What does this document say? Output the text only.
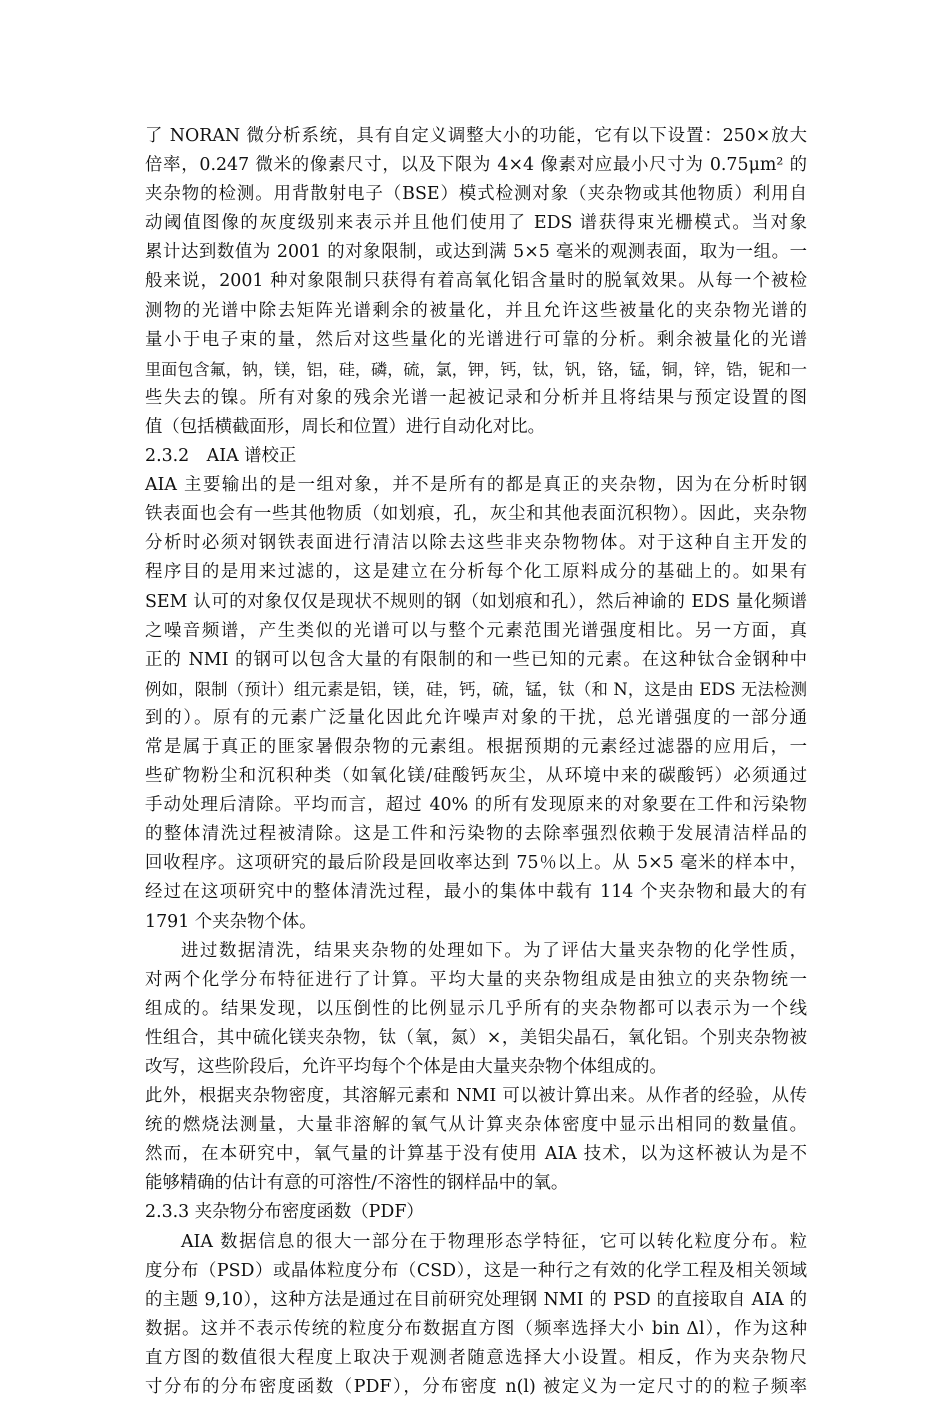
了 NORAN 微分析系统，具有自定义调整大小的功能，它有以下设置：250×放大
倍率，0.247 微米的像素尺寸，以及下限为 4×4 像素对应最小尺寸为 0.75μm² 的
夹杂物的检测。用背散射电子（BSE）模式检测对象（夹杂物或其他物质）利用自
动阈值图像的灰度级别来表示并且他们使用了 EDS 谱获得束光栅模式。当对象
累计达到数值为 2001 的对象限制，或达到满 5×5 毫米的观测表面，取为一组。一
般来说，2001 种对象限制只获得有着高氧化铝含量时的脱氧效果。从每一个被检
测物的光谱中除去矩阵光谱剩余的被量化，并且允许这些被量化的夹杂物光谱的
量小于电子束的量，然后对这些量化的光谱进行可靠的分析。剩余被量化的光谱
里面包含氟，钠，镁，铝，硅，磷，硫，氯，钾，钙，钛，钒，铬，锰，铜，锌，锆，铌和一
些失去的镍。所有对象的残余光谱一起被记录和分析并且将结果与预定设置的图
值（包括横截面形，周长和位置）进行自动化对比。
2.3.2　AIA 谱校正
AIA 主要输出的是一组对象，并不是所有的都是真正的夹杂物，因为在分析时钢
铁表面也会有一些其他物质（如划痕，孔，灰尘和其他表面沉积物）。因此，夹杂物
分析时必须对钢铁表面进行清洁以除去这些非夹杂物物体。对于这种自主开发的
程序目的是用来过滤的，这是建立在分析每个化工原料成分的基础上的。如果有
SEM 认可的对象仅仅是现状不规则的钢（如划痕和孔），然后神谕的 EDS 量化频谱
之噪音频谱，产生类似的光谱可以与整个元素范围光谱强度相比。另一方面，真
正的 NMI 的钢可以包含大量的有限制的和一些已知的元素。在这种钛合金钢种中
例如，限制（预计）组元素是铝，镁，硅，钙，硫，锰，钛（和 N，这是由 EDS 无法检测
到的）。原有的元素广泛量化因此允许噪声对象的干扰，总光谱强度的一部分通
常是属于真正的匪家暑假杂物的元素组。根据预期的元素经过滤器的应用后，一
些矿物粉尘和沉积种类（如氧化镁/硅酸钙灰尘，从环境中来的碳酸钙）必须通过
手动处理后清除。平均而言，超过 40% 的所有发现原来的对象要在工件和污染物
的整体清洗过程被清除。这是工件和污染物的去除率强烈依赖于发展清洁样品的
回收程序。这项研究的最后阶段是回收率达到 75％以上。从 5×5 毫米的样本中，
经过在这项研究中的整体清洗过程，最小的集体中载有 114 个夹杂物和最大的有
1791 个夹杂物个体。
进过数据清洗，结果夹杂物的处理如下。为了评估大量夹杂物的化学性质，
对两个化学分布特征进行了计算。平均大量的夹杂物组成是由独立的夹杂物统一
组成的。结果发现，以压倒性的比例显示几乎所有的夹杂物都可以表示为一个线
性组合，其中硫化镁夹杂物，钛（氧，氮）×，美铝尖晶石，氧化铝。个别夹杂物被
改写，这些阶段后，允许平均每个个体是由大量夹杂物个体组成的。
此外，根据夹杂物密度，其溶解元素和 NMI 可以被计算出来。从作者的经验，从传
统的燃烧法测量，大量非溶解的氧气从计算夹杂体密度中显示出相同的数量值。
然而，在本研究中，氧气量的计算基于没有使用 AIA 技术，以为这杯被认为是不
能够精确的估计有意的可溶性/不溶性的钢样品中的氧。
2.3.3 夹杂物分布密度函数（PDF）
AIA 数据信息的很大一部分在于物理形态学特征，它可以转化粒度分布。粒
度分布（PSD）或晶体粒度分布（CSD），这是一种行之有效的化学工程及相关领域
的主题 9,10），这种方法是通过在目前研究处理钢 NMI 的 PSD 的直接取自 AIA 的
数据。这并不表示传统的粒度分布数据直方图（频率选择大小 bin Δl），作为这种
直方图的数值很大程度上取决于观测者随意选择大小设置。相反，作为夹杂物尺
寸分布的分布密度函数（PDF），分布密度 n(l) 被定义为一定尺寸的的粒子频率
